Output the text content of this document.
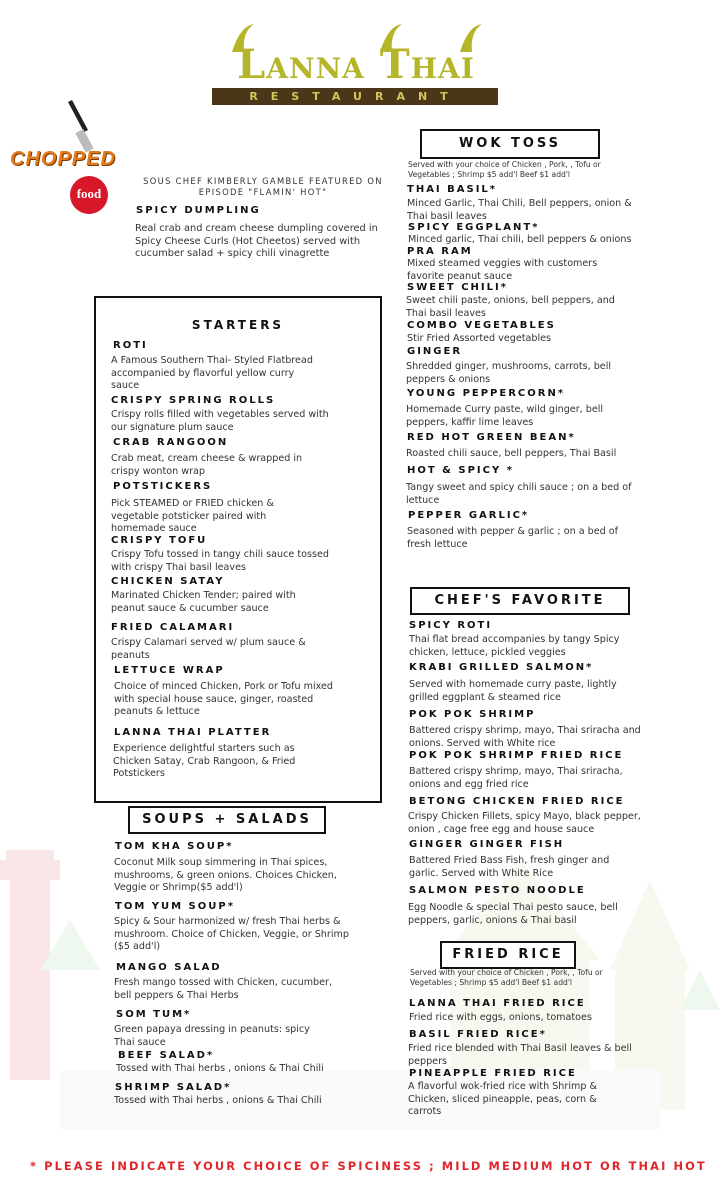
Lanna Thai
RESTAURANT
CHOPPED
food
SOUS CHEF KIMBERLY GAMBLE FEATURED ON EPISODE "FLAMIN' HOT"
SPICY DUMPLING
Real crab and cream cheese dumpling covered in Spicy Cheese Curls (Hot Cheetos) served with cucumber salad + spicy chili vinagrette
STARTERS
ROTI
A Famous Southern Thai- Styled Flatbread accompanied by flavorful yellow curry sauce
CRISPY SPRING ROLLS
Crispy rolls filled with vegetables served with our signature plum sauce
CRAB RANGOON
Crab meat, cream cheese & wrapped in crispy wonton wrap
POTSTICKERS
Pick STEAMED or FRIED chicken & vegetable potsticker paired with homemade sauce
CRISPY TOFU
Crispy Tofu tossed in tangy chili sauce tossed with crispy Thai basil leaves
CHICKEN SATAY
Marinated Chicken Tender; paired with peanut sauce & cucumber sauce
FRIED CALAMARI
Crispy Calamari served w/ plum sauce & peanuts
LETTUCE WRAP
Choice of minced Chicken, Pork or Tofu mixed with special house sauce, ginger, roasted peanuts & lettuce
LANNA THAI PLATTER
Experience delightful starters such as Chicken Satay, Crab Rangoon, & Fried Potstickers
SOUPS + SALADS
TOM KHA SOUP*
Coconut Milk soup simmering in Thai spices, mushrooms, & green onions. Choices Chicken, Veggie or Shrimp($5 add'l)
TOM YUM SOUP*
Spicy & Sour harmonized w/ fresh Thai herbs & mushroom. Choice of Chicken, Veggie, or Shrimp ($5 add'l)
MANGO SALAD
Fresh mango tossed with Chicken, cucumber, bell peppers & Thai Herbs
SOM TUM*
Green papaya dressing in peanuts: spicy Thai sauce
BEEF SALAD*
Tossed with Thai herbs , onions & Thai Chili
SHRIMP SALAD*
Tossed with Thai herbs , onions & Thai Chili
WOK TOSS
Served with your choice of Chicken , Pork, , Tofu or Vegetables ; Shrimp $5 add'l Beef $1 add'l
THAI BASIL*
Minced Garlic, Thai Chili, Bell peppers, onion & Thai basil leaves
SPICY EGGPLANT*
Minced garlic, Thai chili, bell peppers & onions
PRA RAM
Mixed steamed veggies with customers favorite peanut sauce
SWEET CHILI*
Sweet chili paste, onions, bell peppers, and Thai basil leaves
COMBO VEGETABLES
Stir Fried Assorted vegetables
GINGER
Shredded ginger, mushrooms, carrots, bell peppers & onions
YOUNG PEPPERCORN*
Homemade Curry paste, wild ginger, bell peppers, kaffir lime leaves
RED HOT GREEN BEAN*
Roasted chili sauce, bell peppers, Thai Basil
HOT & SPICY *
Tangy sweet and spicy chili sauce ; on a bed of lettuce
PEPPER GARLIC*
Seasoned with pepper & garlic ; on a bed of fresh lettuce
CHEF'S FAVORITE
SPICY ROTI
Thai flat bread accompanies by tangy Spicy chicken, lettuce, pickled veggies
KRABI GRILLED SALMON*
Served with homemade curry paste, lightly grilled eggplant & steamed rice
POK POK SHRIMP
Battered crispy shrimp, mayo, Thai sriracha and onions. Served with White rice
POK POK SHRIMP FRIED RICE
Battered crispy shrimp, mayo, Thai sriracha, onions and egg fried rice
BETONG CHICKEN FRIED RICE
Crispy Chicken Fillets, spicy Mayo, black pepper, onion , cage free egg and house sauce
GINGER GINGER FISH
Battered Fried Bass Fish, fresh ginger and garlic. Served with White Rice
SALMON PESTO NOODLE
Egg Noodle & special Thai pesto sauce, bell peppers, garlic, onions & Thai basil
FRIED RICE
Served with your choice of Chicken , Pork, , Tofu or Vegetables ; Shrimp $5 add'l Beef $1 add'l
LANNA THAI FRIED RICE
Fried rice with eggs, onions, tomatoes
BASIL FRIED RICE*
Fried rice blended with Thai Basil leaves & bell peppers
PINEAPPLE FRIED RICE
A flavorful wok-fried rice with Shrimp & Chicken, sliced pineapple, peas, corn & carrots
* PLEASE INDICATE YOUR CHOICE OF SPICINESS ; MILD MEDIUM HOT OR THAI HOT
